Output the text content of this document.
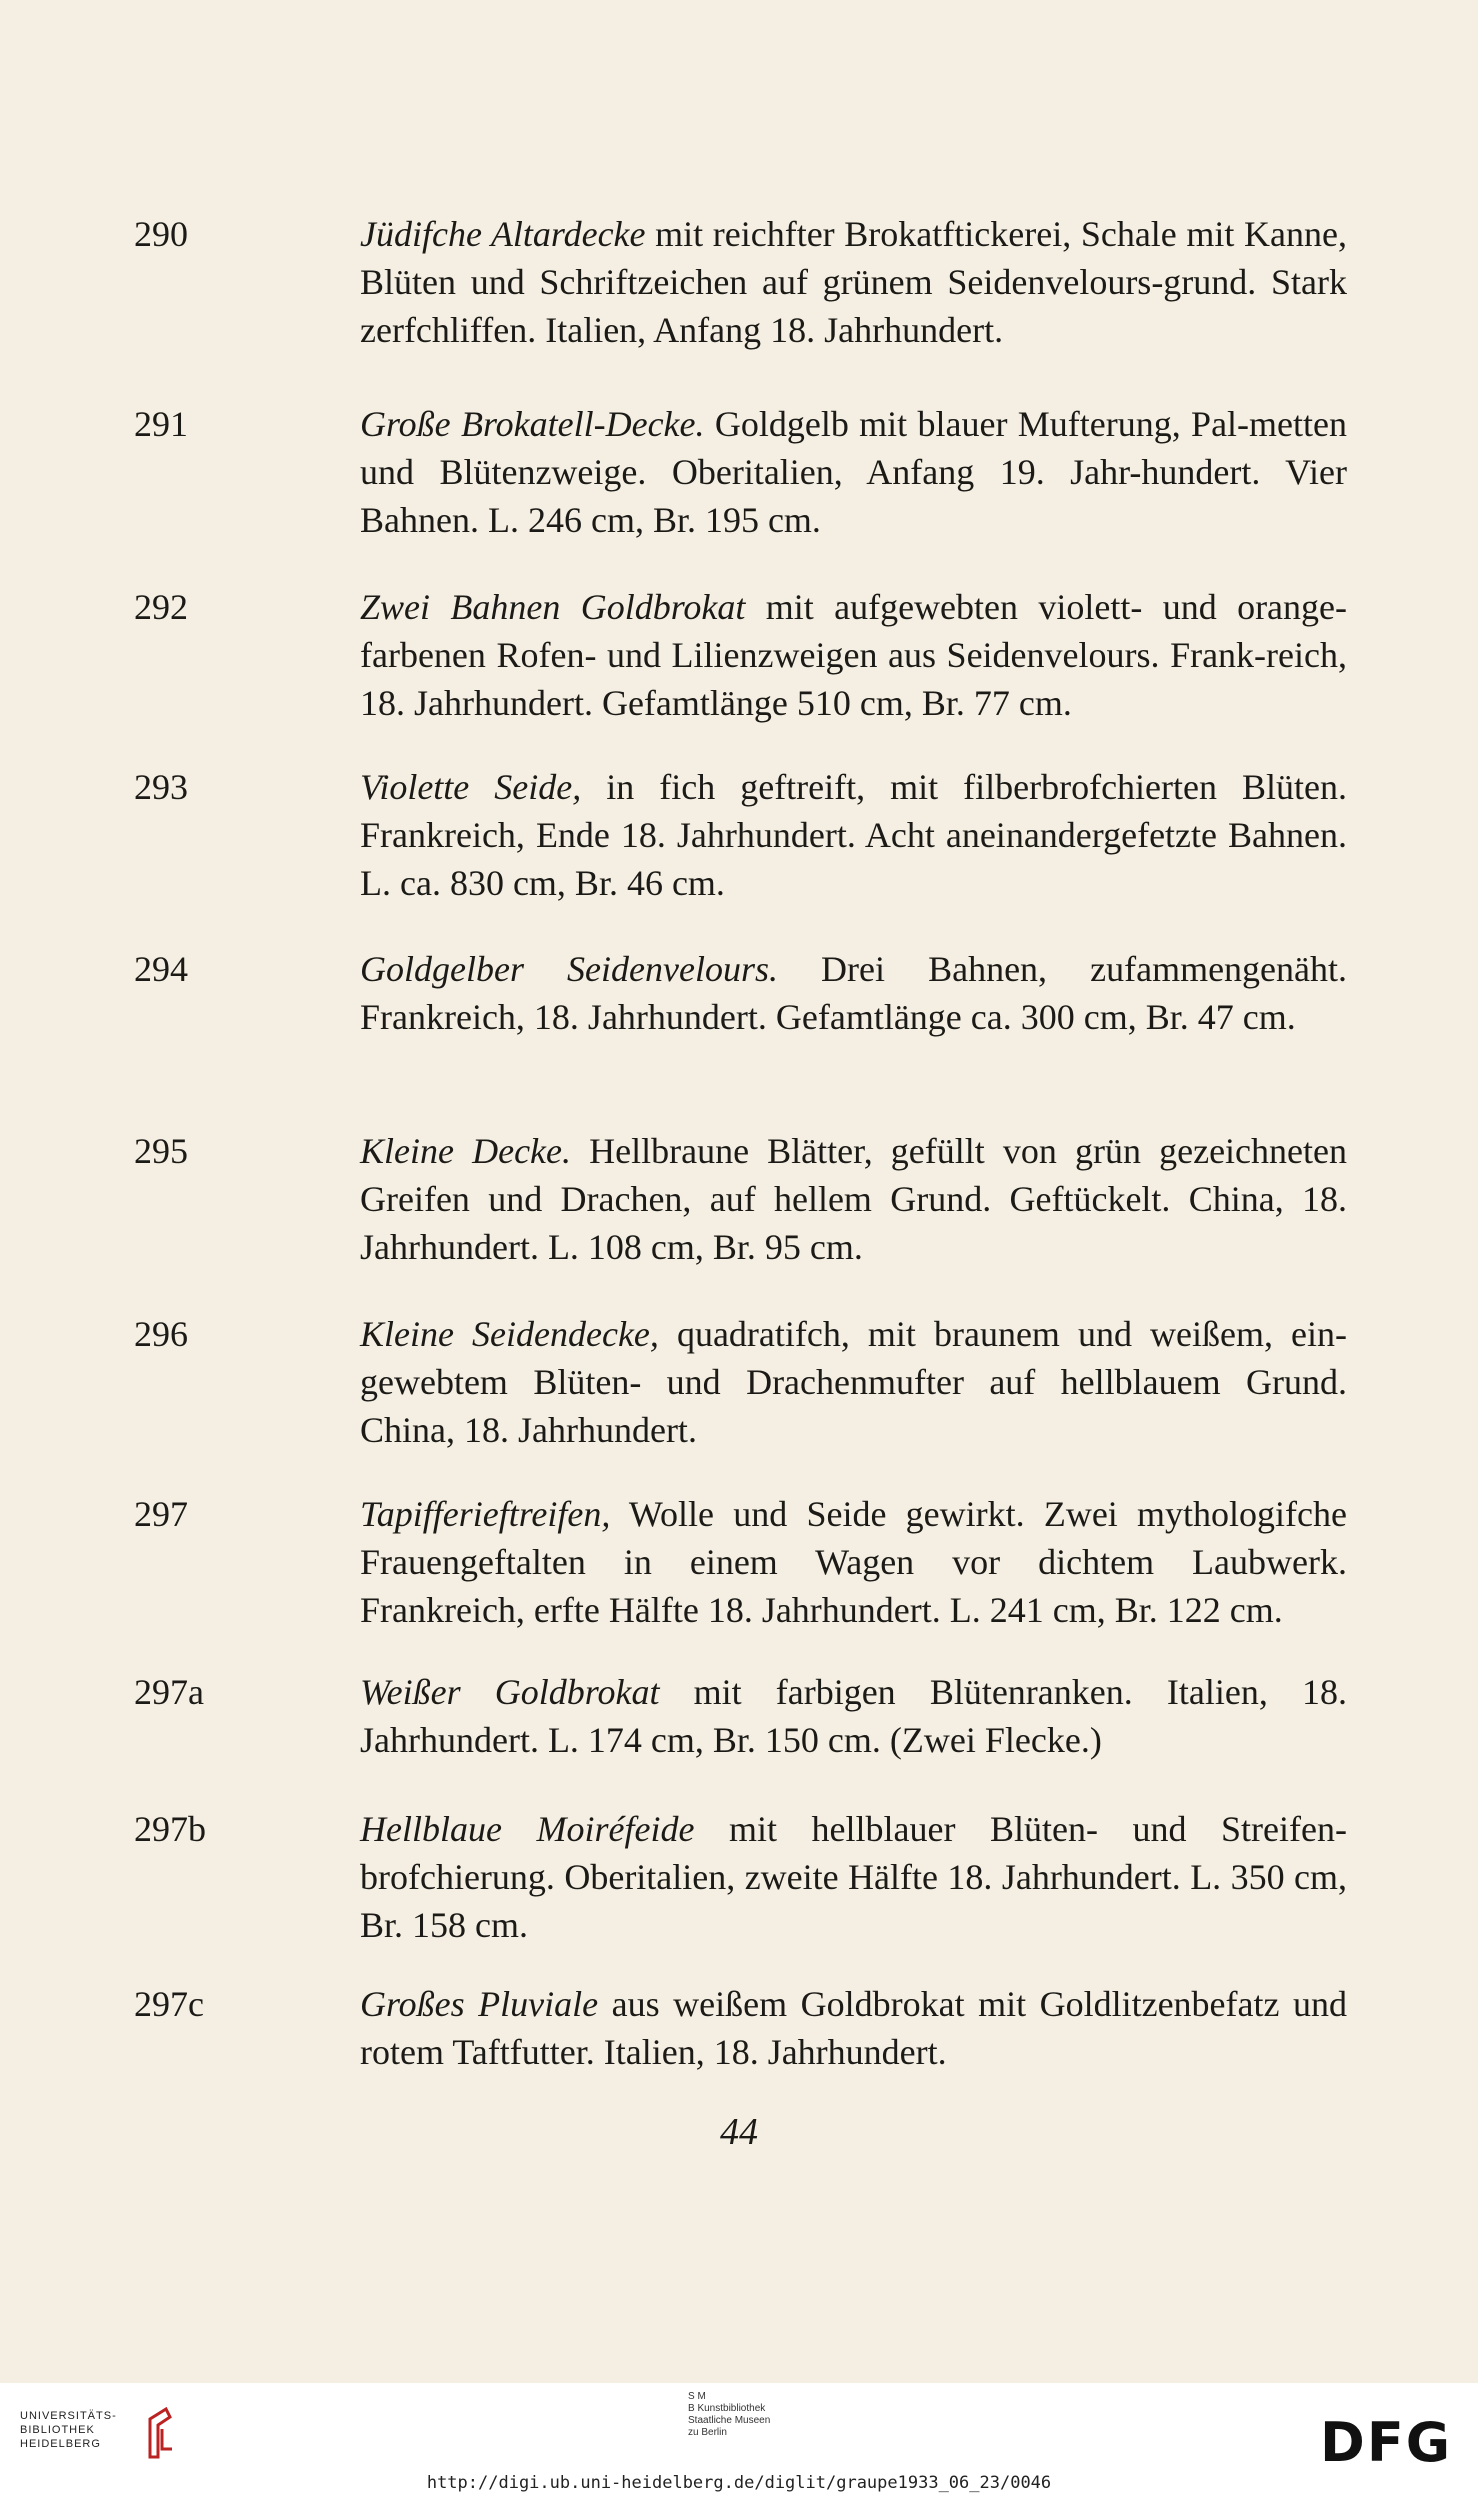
290	Jüdifche Altardecke mit reichfter Brokatftickerei, Schale mit Kanne, Blüten und Schriftzeichen auf grünem Seidenvelours-grund. Stark zerfchliffen. Italien, Anfang 18. Jahrhundert.
291	Große Brokatell-Decke. Goldgelb mit blauer Mufterung, Pal-metten und Blütenzweige. Oberitalien, Anfang 19. Jahr-hundert. Vier Bahnen. L. 246 cm, Br. 195 cm.
292	Zwei Bahnen Goldbrokat mit aufgewebten violett- und orange-farbenen Rofen- und Lilienzweigen aus Seidenvelours. Frank-reich, 18. Jahrhundert. Gefamtlänge 510 cm, Br. 77 cm.
293	Violette Seide, in fich geftreift, mit filberbrofchierten Blüten. Frankreich, Ende 18. Jahrhundert. Acht aneinandergefetzte Bahnen. L. ca. 830 cm, Br. 46 cm.
294	Goldgelber Seidenvelours. Drei Bahnen, zufammengenäht. Frankreich, 18. Jahrhundert. Gefamtlänge ca. 300 cm, Br. 47 cm.
295	Kleine Decke. Hellbraune Blätter, gefüllt von grün gezeichneten Greifen und Drachen, auf hellem Grund. Geftückelt. China, 18. Jahrhundert. L. 108 cm, Br. 95 cm.
296	Kleine Seidendecke, quadratifch, mit braunem und weißem, ein-gewebtem Blüten- und Drachenmufter auf hellblauem Grund. China, 18. Jahrhundert.
297	Tapifferieftreifen, Wolle und Seide gewirkt. Zwei mythologifche Frauengeftalten in einem Wagen vor dichtem Laubwerk. Frankreich, erfte Hälfte 18. Jahrhundert. L. 241 cm, Br. 122 cm.
297a	Weißer Goldbrokat mit farbigen Blütenranken. Italien, 18. Jahrhundert. L. 174 cm, Br. 150 cm. (Zwei Flecke.)
297b	Hellblaue Moiréfeide mit hellblauer Blüten- und Streifen-brofchierung. Oberitalien, zweite Hälfte 18. Jahrhundert. L. 350 cm, Br. 158 cm.
297c	Großes Pluviale aus weißem Goldbrokat mit Goldlitzenbefatz und rotem Taftfutter. Italien, 18. Jahrhundert.
44
UNIVERSITÄTS-
BIBLIOTHEK
HEIDELBERG
S M
B Kunstbibliothek
Staatliche Museen
zu Berlin	DFG
http://digi.ub.uni-heidelberg.de/diglit/graupe1933_06_23/0046
